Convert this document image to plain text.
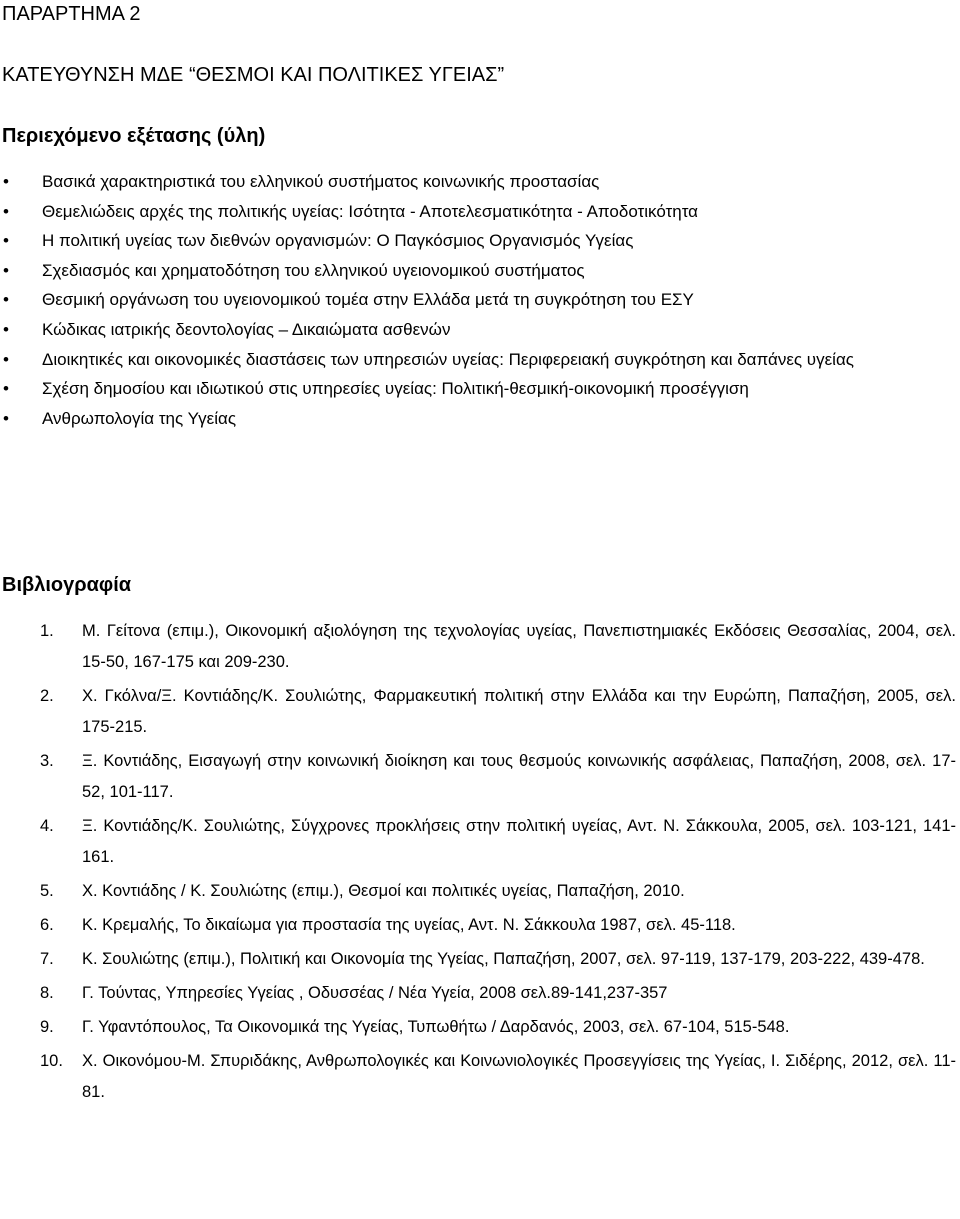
ΠΑΡΑΡΤΗΜΑ 2
ΚΑΤΕΥΘΥΝΣΗ ΜΔΕ “ΘΕΣΜΟΙ ΚΑΙ ΠΟΛΙΤΙΚΕΣ ΥΓΕΙΑΣ”
Περιεχόμενο εξέτασης (ύλη)
• Βασικά χαρακτηριστικά του ελληνικού συστήματος κοινωνικής προστασίας
• Θεμελιώδεις αρχές της πολιτικής υγείας: Ισότητα - Αποτελεσματικότητα - Αποδοτικότητα
• Η πολιτική υγείας των διεθνών οργανισμών: Ο Παγκόσμιος Οργανισμός Υγείας
• Σχεδιασμός και χρηματοδότηση του ελληνικού υγειονομικού συστήματος
• Θεσμική οργάνωση του υγειονομικού τομέα στην Ελλάδα μετά τη συγκρότηση του ΕΣΥ
• Κώδικας ιατρικής δεοντολογίας – Δικαιώματα ασθενών
• Διοικητικές και οικονομικές διαστάσεις των υπηρεσιών υγείας: Περιφερειακή συγκρότηση και δαπάνες υγείας
• Σχέση δημοσίου και ιδιωτικού στις υπηρεσίες υγείας: Πολιτική-θεσμική-οικονομική προσέγγιση
• Ανθρωπολογία της Υγείας
Βιβλιογραφία
1. Μ. Γείτονα (επιμ.), Οικονομική αξιολόγηση της τεχνολογίας υγείας, Πανεπιστημιακές Εκδόσεις Θεσσαλίας, 2004, σελ. 15-50, 167-175 και 209-230.
2. Χ. Γκόλνα/Ξ. Κοντιάδης/Κ. Σουλιώτης, Φαρμακευτική πολιτική στην Ελλάδα και την Ευρώπη, Παπαζήση, 2005, σελ. 175-215.
3. Ξ. Κοντιάδης, Εισαγωγή στην κοινωνική διοίκηση και τους θεσμούς κοινωνικής ασφάλειας, Παπαζήση, 2008, σελ. 17-52, 101-117.
4. Ξ. Κοντιάδης/Κ. Σουλιώτης, Σύγχρονες προκλήσεις στην πολιτική υγείας, Αντ. Ν. Σάκκουλα, 2005, σελ. 103-121, 141-161.
5. Χ. Κοντιάδης / Κ. Σουλιώτης (επιμ.), Θεσμοί και πολιτικές υγείας, Παπαζήση, 2010.
6. Κ. Κρεμαλής, Το δικαίωμα για προστασία της υγείας, Αντ. Ν. Σάκκουλα 1987, σελ. 45-118.
7. Κ. Σουλιώτης (επιμ.), Πολιτική και Οικονομία της Υγείας, Παπαζήση, 2007, σελ. 97-119, 137-179, 203-222, 439-478.
8. Γ. Τούντας, Υπηρεσίες Υγείας , Οδυσσέας / Νέα Υγεία, 2008 σελ.89-141,237-357
9. Γ. Υφαντόπουλος, Τα Οικονομικά της Υγείας, Τυπωθήτω / Δαρδανός, 2003, σελ. 67-104, 515-548.
10. Χ. Οικονόμου-Μ. Σπυριδάκης, Ανθρωπολογικές και Κοινωνιολογικές Προσεγγίσεις της Υγείας, Ι. Σιδέρης, 2012, σελ. 11-81.
